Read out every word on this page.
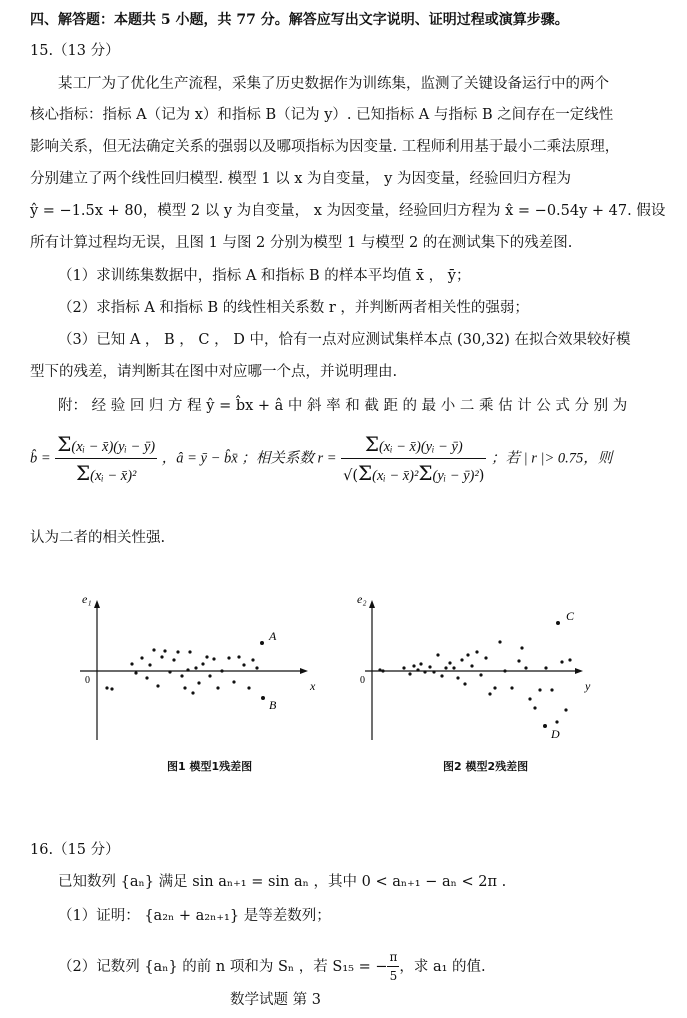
四、解答题：本题共 5 小题，共 77 分。解答应写出文字说明、证明过程或演算步骤。
15.（13 分）
某工厂为了优化生产流程，采集了历史数据作为训练集，监测了关键设备运行中的两个
核心指标：指标 A（记为 x）和指标 B（记为 y）. 已知指标 A 与指标 B 之间存在一定线性
影响关系，但无法确定关系的强弱以及哪项指标为因变量. 工程师利用基于最小二乘法原理，
分别建立了两个线性回归模型. 模型 1 以 x 为自变量， y 为因变量，经验回归方程为
ŷ = −1.5x + 80，模型 2 以 y 为自变量， x 为因变量，经验回归方程为 x̂ = −0.54y + 47. 假设
所有计算过程均无误，且图 1 与图 2 分别为模型 1 与模型 2 的在测试集下的残差图.
（1）求训练集数据中，指标 A 和指标 B 的样本平均值 x̄ ， ȳ；
（2）求指标 A 和指标 B 的线性相关系数 r ，并判断两者相关性的强弱；
（3）已知 A ， B ， C ， D 中，恰有一点对应测试集样本点 (30,32) 在拟合效果较好模
型下的残差，请判断其在图中对应哪一个点，并说明理由.
附： 经 验 回 归 方 程 ŷ = b̂x + â 中 斜 率 和 截 距 的 最 小 二 乘 估 计 公 式 分 别 为
b̂ = $\frac{\text{Σ(xᵢ − x̄)(yᵢ − ȳ)}}{\text{Σ(xᵢ − x̄)²}}$ ，â = ȳ − b̂x̄ ；相关系数 $r = \frac{\text{Σ(xᵢ − x̄)(yᵢ − ȳ)}}{\text{√(Σ(xᵢ − x̄)²Σ(yᵢ − ȳ)²)}}$ ；若 | r |> 0.75，则
认为二者的相关性强.
e₁
x
0
A
B
e₂
y
0
C
D
图1 模型1残差图	图2 模型2残差图
16.（15 分）
已知数列 {aₙ} 满足 sin aₙ₊₁ = sin aₙ ，其中 0 < aₙ₊₁ − aₙ < 2π .
（1）证明： {a₂ₙ + a₂ₙ₊₁} 是等差数列；
（2）记数列 {aₙ} 的前 n 项和为 Sₙ ，若 S₁₅ = − $\frac{\pi}{5}$ ，求 a₁ 的值.
数学试题 第 3
